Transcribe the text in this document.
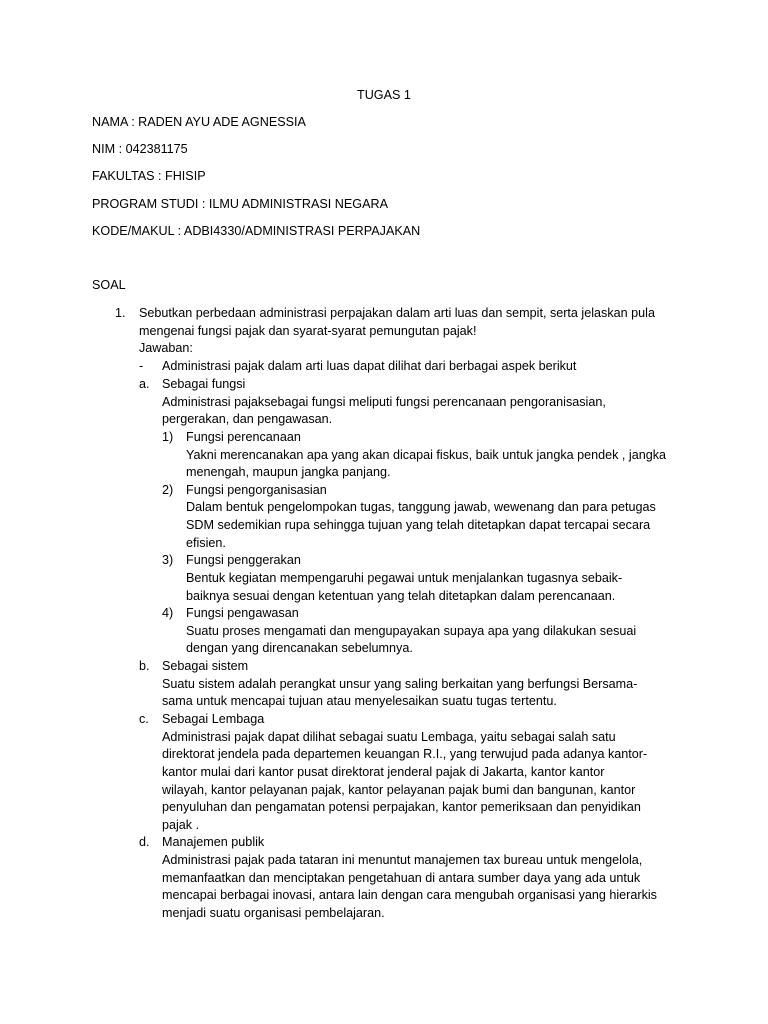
TUGAS 1
NAMA : RADEN AYU ADE AGNESSIA
NIM : 042381175
FAKULTAS : FHISIP
PROGRAM STUDI : ILMU ADMINISTRASI NEGARA
KODE/MAKUL : ADBI4330/ADMINISTRASI PERPAJAKAN
SOAL
1. Sebutkan perbedaan administrasi perpajakan dalam arti luas dan sempit, serta jelaskan pula
mengenai fungsi pajak dan syarat-syarat pemungutan pajak!
Jawaban:
- Administrasi pajak dalam arti luas dapat dilihat dari berbagai aspek berikut
a. Sebagai fungsi
Administrasi pajaksebagai fungsi meliputi fungsi perencanaan pengoranisasian,
pergerakan, dan pengawasan.
1) Fungsi perencanaan
Yakni merencanakan apa yang akan dicapai fiskus, baik untuk jangka pendek , jangka
menengah, maupun jangka panjang.
2) Fungsi pengorganisasian
Dalam bentuk pengelompokan tugas, tanggung jawab, wewenang dan para petugas
SDM sedemikian rupa sehingga tujuan yang telah ditetapkan dapat tercapai secara
efisien.
3) Fungsi penggerakan
Bentuk kegiatan mempengaruhi pegawai untuk menjalankan tugasnya sebaik-
baiknya sesuai dengan ketentuan yang telah ditetapkan dalam perencanaan.
4) Fungsi pengawasan
Suatu proses mengamati dan mengupayakan supaya apa yang dilakukan sesuai
dengan yang direncanakan sebelumnya.
b. Sebagai sistem
Suatu sistem adalah perangkat unsur yang saling berkaitan yang berfungsi Bersama-
sama untuk mencapai tujuan atau menyelesaikan suatu tugas tertentu.
c. Sebagai Lembaga
Administrasi pajak dapat dilihat sebagai suatu Lembaga, yaitu sebagai salah satu
direktorat jendela pada departemen keuangan R.I., yang terwujud pada adanya kantor-
kantor mulai dari kantor pusat direktorat jenderal pajak di Jakarta, kantor kantor
wilayah, kantor pelayanan pajak, kantor pelayanan pajak bumi dan bangunan, kantor
penyuluhan dan pengamatan potensi perpajakan, kantor pemeriksaan dan penyidikan
pajak .
d. Manajemen publik
Administrasi pajak pada tataran ini menuntut manajemen tax bureau untuk mengelola,
memanfaatkan dan menciptakan pengetahuan di antara sumber daya yang ada untuk
mencapai berbagai inovasi, antara lain dengan cara mengubah organisasi yang hierarkis
menjadi suatu organisasi pembelajaran.
